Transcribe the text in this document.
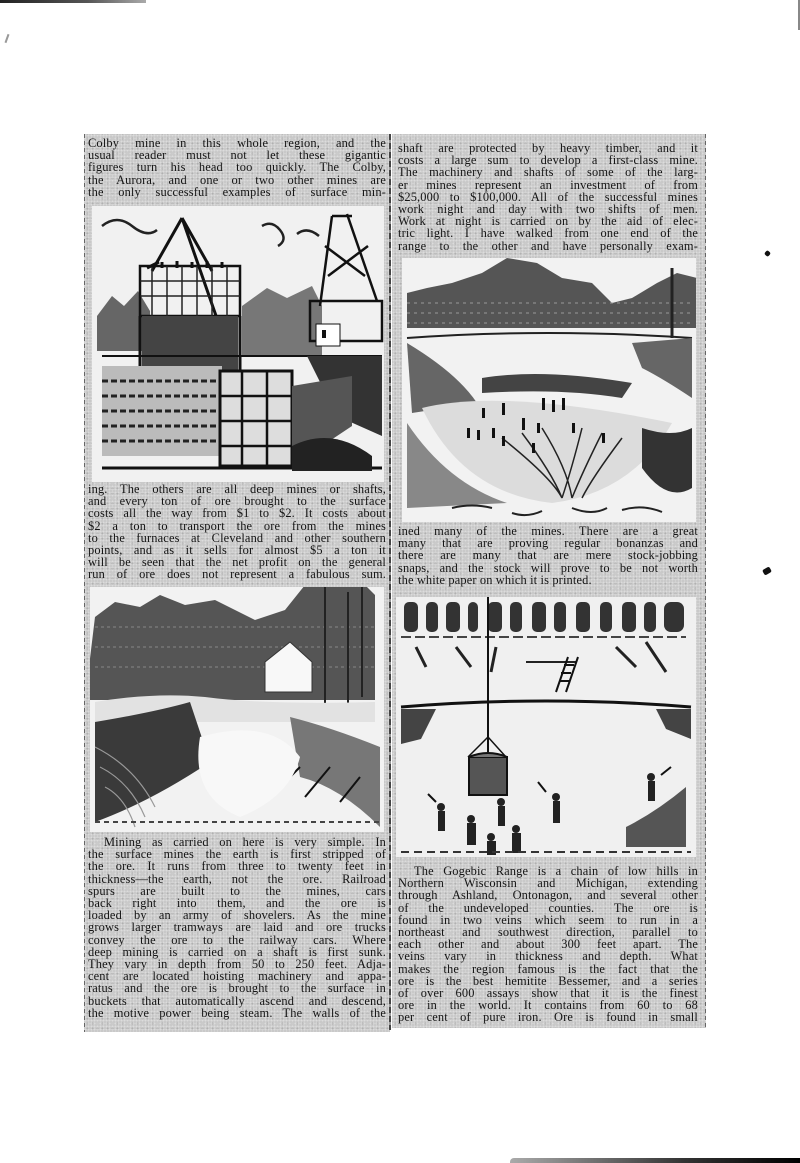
Colby mine in this whole region, and the
usual reader must not let these gigantic
figures turn his head too quickly. The Colby,
the Aurora, and one or two other mines are
the only successful examples of surface min-
ing. The others are all deep mines or shafts,
and every ton of ore brought to the surface
costs all the way from $1 to $2. It costs about
$2 a ton to transport the ore from the mines
to the furnaces at Cleveland and other southern
points, and as it sells for almost $5 a ton it
will be seen that the net profit on the general
run of ore does not represent a fabulous sum.
Mining as carried on here is very simple. In
the surface mines the earth is first stripped of
the ore. It runs from three to twenty feet in
thickness—the earth, not the ore. Railroad
spurs are built to the mines, cars
back right into them, and the ore is
loaded by an army of shovelers. As the mine
grows larger tramways are laid and ore trucks
convey the ore to the railway cars. Where
deep mining is carried on a shaft is first sunk.
They vary in depth from 50 to 250 feet. Adja-
cent are located hoisting machinery and appa-
ratus and the ore is brought to the surface in
buckets that automatically ascend and descend,
the motive power being steam. The walls of the
shaft are protected by heavy timber, and it
costs a large sum to develop a first-class mine.
The machinery and shafts of some of the larg-
er mines represent an investment of from
$25,000 to $100,000. All of the successful mines
work night and day with two shifts of men.
Work at night is carried on by the aid of elec-
tric light. I have walked from one end of the
range to the other and have personally exam-
ined many of the mines. There are a great
many that are proving regular bonanzas and
there are many that are mere stock-jobbing
snaps, and the stock will prove to be not worth
the white paper on which it is printed.
The Gogebic Range is a chain of low hills in
Northern Wisconsin and Michigan, extending
through Ashland, Ontonagon, and several other
of the undeveloped counties. The ore is
found in two veins which seem to run in a
northeast and southwest direction, parallel to
each other and about 300 feet apart. The
veins vary in thickness and depth. What
makes the region famous is the fact that the
ore is the best hemitite Bessemer, and a series
of over 600 assays show that it is the finest
ore in the world. It contains from 60 to 68
per cent of pure iron. Ore is found in small
